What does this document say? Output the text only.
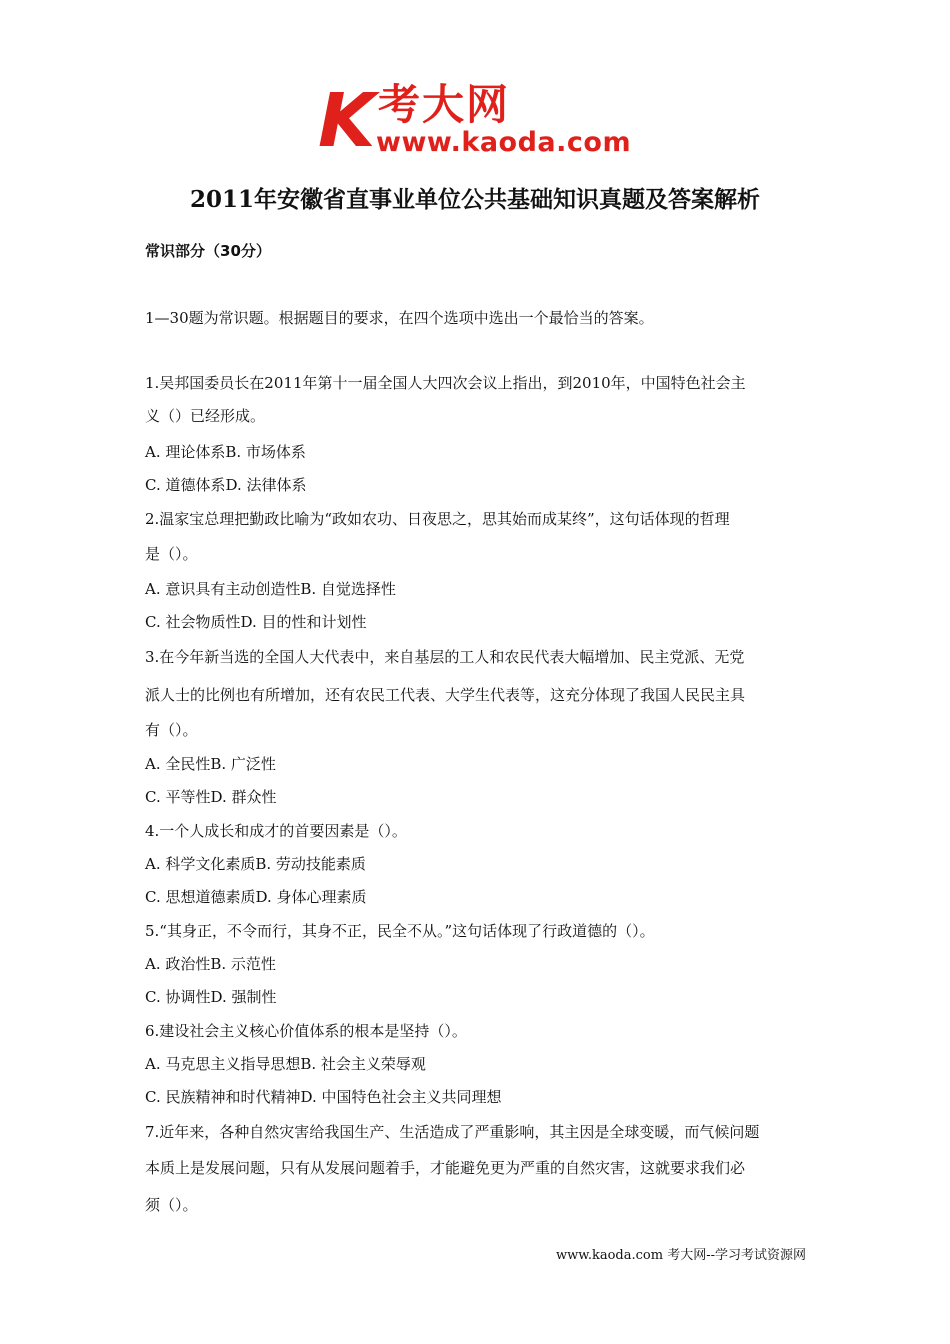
K 考大网
www.kaoda.com
2011年安徽省直事业单位公共基础知识真题及答案解析
常识部分（30分）
1—30题为常识题。根据题目的要求，在四个选项中选出一个最恰当的答案。
1.吴邦国委员长在2011年第十一届全国人大四次会议上指出，到2010年，中国特色社会主
义（）已经形成。
A. 理论体系B. 市场体系
C. 道德体系D. 法律体系
2.温家宝总理把勤政比喻为“政如农功、日夜思之，思其始而成某终”，这句话体现的哲理
是（）。
A. 意识具有主动创造性B. 自觉选择性
C. 社会物质性D. 目的性和计划性
3.在今年新当选的全国人大代表中，来自基层的工人和农民代表大幅增加、民主党派、无党
派人士的比例也有所增加，还有农民工代表、大学生代表等，这充分体现了我国人民民主具
有（）。
A. 全民性B. 广泛性
C. 平等性D. 群众性
4.一个人成长和成才的首要因素是（）。
A. 科学文化素质B. 劳动技能素质
C. 思想道德素质D. 身体心理素质
5.“其身正，不令而行，其身不正，民全不从。”这句话体现了行政道德的（）。
A. 政治性B. 示范性
C. 协调性D. 强制性
6.建设社会主义核心价值体系的根本是坚持（）。
A. 马克思主义指导思想B. 社会主义荣辱观
C. 民族精神和时代精神D. 中国特色社会主义共同理想
7.近年来，各种自然灾害给我国生产、生活造成了严重影响，其主因是全球变暖，而气候问题
本质上是发展问题，只有从发展问题着手，才能避免更为严重的自然灾害，这就要求我们必
须（）。
www.kaoda.com 考大网--学习考试资源网
